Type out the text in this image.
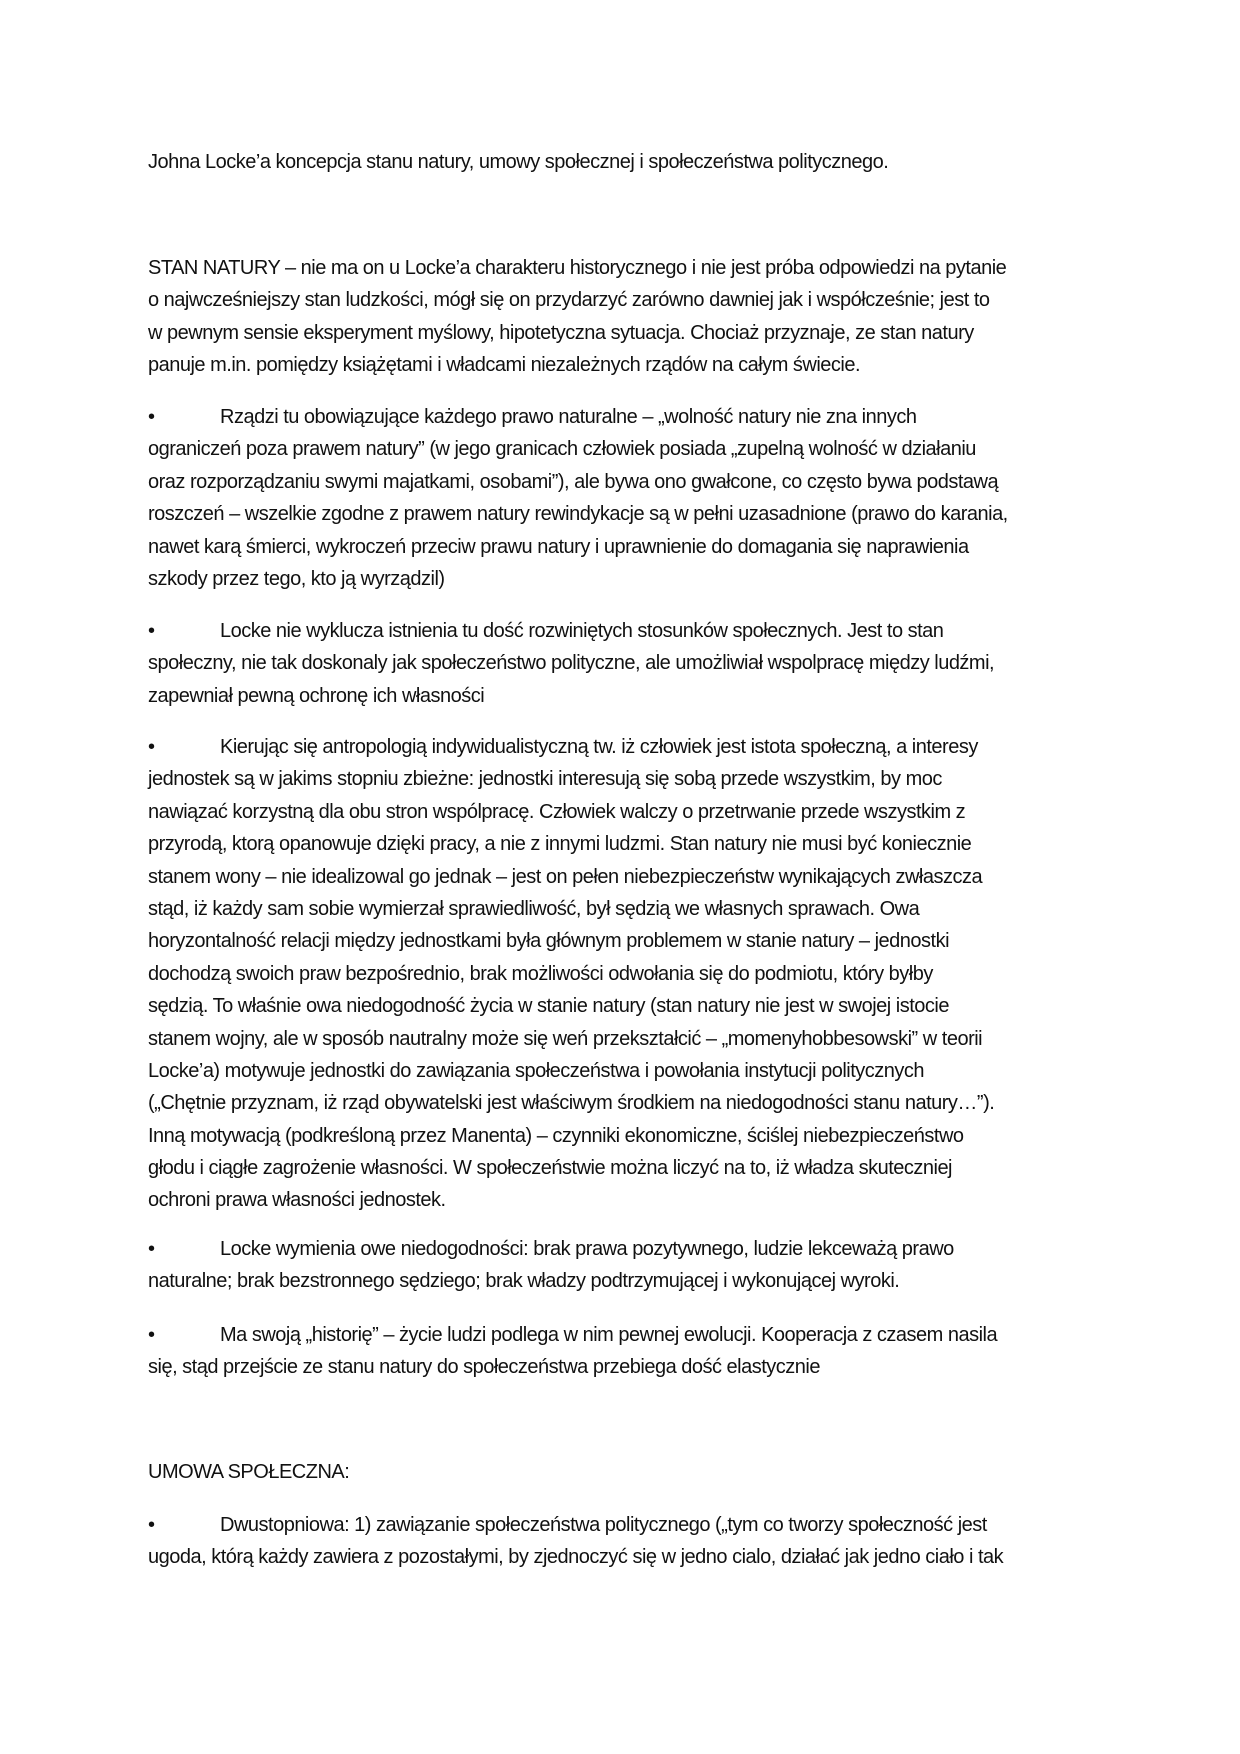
Johna Locke’a koncepcja stanu natury, umowy społecznej i społeczeństwa politycznego.
STAN NATURY – nie ma on u Locke’a charakteru historycznego i nie jest próba odpowiedzi na pytanie
o najwcześniejszy stan ludzkości, mógł się on przydarzyć zarówno dawniej jak i współcześnie; jest to
w pewnym sensie eksperyment myślowy, hipotetyczna sytuacja. Chociaż przyznaje, ze stan natury
panuje m.in. pomiędzy książętami i władcami niezależnych rządów na całym świecie.
•	Rządzi tu obowiązujące każdego prawo naturalne – „wolność natury nie zna innych
ograniczeń poza prawem natury” (w jego granicach człowiek posiada „zupelną wolność w działaniu
oraz rozporządzaniu swymi majatkami, osobami”), ale bywa ono gwałcone, co często bywa podstawą
roszczeń – wszelkie zgodne z prawem natury rewindykacje są w pełni uzasadnione (prawo do karania,
nawet karą śmierci, wykroczeń przeciw prawu natury i uprawnienie do domagania się naprawienia
szkody przez tego, kto ją wyrządzil)
•	Locke nie wyklucza istnienia tu dość rozwiniętych stosunków społecznych. Jest to stan
społeczny, nie tak doskonaly jak społeczeństwo polityczne, ale umożliwiał wspolpracę między ludźmi,
zapewniał pewną ochronę ich własności
•	Kierując się antropologią indywidualistyczną tw. iż człowiek jest istota społeczną, a interesy
jednostek są w jakims stopniu zbieżne: jednostki interesują się sobą przede wszystkim, by moc
nawiązać korzystną dla obu stron wspólpracę. Człowiek walczy o przetrwanie przede wszystkim z
przyrodą, ktorą opanowuje dzięki pracy, a nie z innymi ludzmi. Stan natury nie musi być koniecznie
stanem wony – nie idealizowal go jednak – jest on pełen niebezpieczeństw wynikających zwłaszcza
stąd, iż każdy sam sobie wymierzał sprawiedliwość, był sędzią we własnych sprawach. Owa
horyzontalność relacji między jednostkami była głównym problemem w stanie natury – jednostki
dochodzą swoich praw bezpośrednio, brak możliwości odwołania się do podmiotu, który byłby
sędzią. To właśnie owa niedogodność życia w stanie natury (stan natury nie jest w swojej istocie
stanem wojny, ale w sposób nautralny może się weń przekształcić – „momenyhobbesowski” w teorii
Locke’a) motywuje jednostki do zawiązania społeczeństwa i powołania instytucji politycznych
(„Chętnie przyznam, iż rząd obywatelski jest właściwym środkiem na niedogodności stanu natury…”).
Inną motywacją (podkreśloną przez Manenta) – czynniki ekonomiczne, ściślej niebezpieczeństwo
głodu i ciągłe zagrożenie własności. W społeczeństwie można liczyć na to, iż władza skuteczniej
ochroni prawa własności jednostek.
•	Locke wymienia owe niedogodności: brak prawa pozytywnego, ludzie lekceważą prawo
naturalne; brak bezstronnego sędziego; brak władzy podtrzymującej i wykonującej wyroki.
•	Ma swoją „historię” – życie ludzi podlega w nim pewnej ewolucji. Kooperacja z czasem nasila
się, stąd przejście ze stanu natury do społeczeństwa przebiega dość elastycznie
UMOWA SPOŁECZNA:
•	Dwustopniowa: 1) zawiązanie społeczeństwa politycznego („tym co tworzy społeczność jest
ugoda, którą każdy zawiera z pozostałymi, by zjednoczyć się w jedno cialo, działać jak jedno ciało i tak
